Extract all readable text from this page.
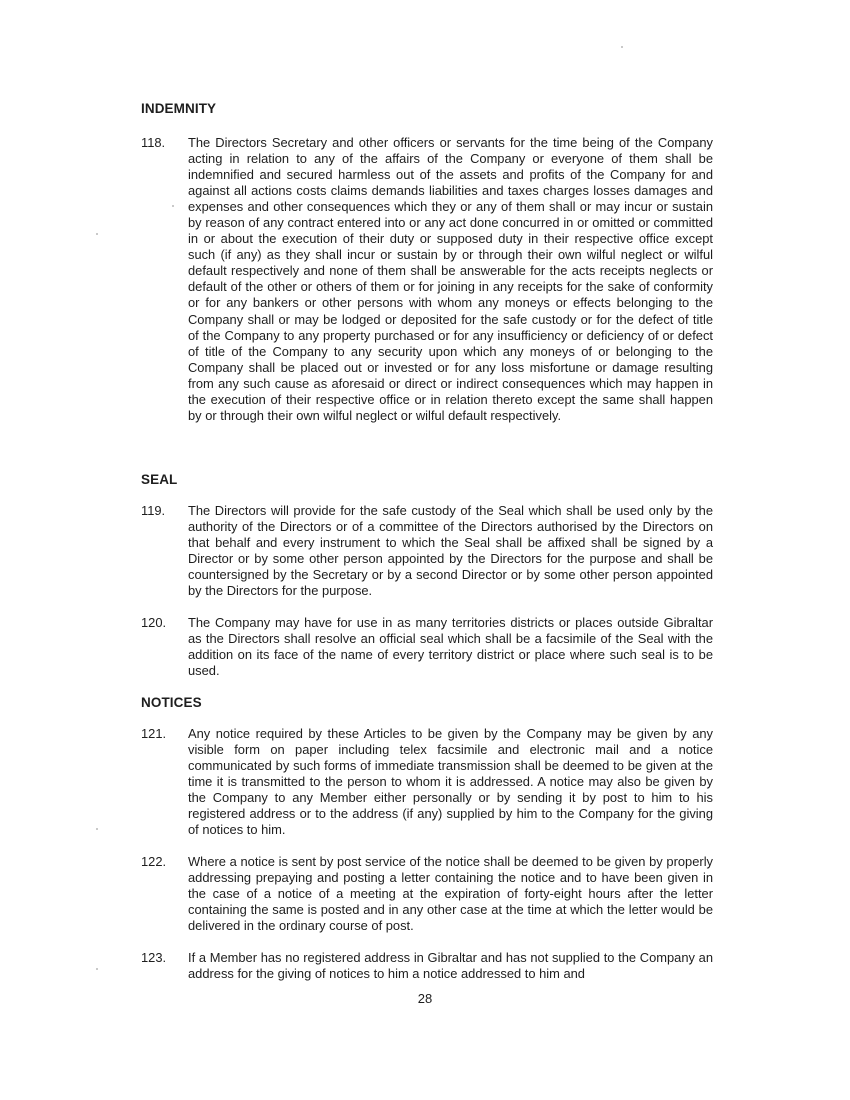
INDEMNITY
118.	The Directors Secretary and other officers or servants for the time being of the Company acting in relation to any of the affairs of the Company or everyone of them shall be indemnified and secured harmless out of the assets and profits of the Company for and against all actions costs claims demands liabilities and taxes charges losses damages and expenses and other consequences which they or any of them shall or may incur or sustain by reason of any contract entered into or any act done concurred in or omitted or committed in or about the execution of their duty or supposed duty in their respective office except such (if any) as they shall incur or sustain by or through their own wilful neglect or wilful default respectively and none of them shall be answerable for the acts receipts neglects or default of the other or others of them or for joining in any receipts for the sake of conformity or for any bankers or other persons with whom any moneys or effects belonging to the Company shall or may be lodged or deposited for the safe custody or for the defect of title of the Company to any property purchased or for any insufficiency or deficiency of or defect of title of the Company to any security upon which any moneys of or belonging to the Company shall be placed out or invested or for any loss misfortune or damage resulting from any such cause as aforesaid or direct or indirect consequences which may happen in the execution of their respective office or in relation thereto except the same shall happen by or through their own wilful neglect or wilful default respectively.

SEAL
119.	The Directors will provide for the safe custody of the Seal which shall be used only by the authority of the Directors or of a committee of the Directors authorised by the Directors on that behalf and every instrument to which the Seal shall be affixed shall be signed by a Director or by some other person appointed by the Directors for the purpose and shall be countersigned by the Secretary or by a second Director or by some other person appointed by the Directors for the purpose.

120.	The Company may have for use in as many territories districts or places outside Gibraltar as the Directors shall resolve an official seal which shall be a facsimile of the Seal with the addition on its face of the name of every territory district or place where such seal is to be used.

NOTICES
121.	Any notice required by these Articles to be given by the Company may be given by any visible form on paper including telex facsimile and electronic mail and a notice communicated by such forms of immediate transmission shall be deemed to be given at the time it is transmitted to the person to whom it is addressed. A notice may also be given by the Company to any Member either personally or by sending it by post to him to his registered address or to the address (if any) supplied by him to the Company for the giving of notices to him.

122.	Where a notice is sent by post service of the notice shall be deemed to be given by properly addressing prepaying and posting a letter containing the notice and to have been given in the case of a notice of a meeting at the expiration of forty-eight hours after the letter containing the same is posted and in any other case at the time at which the letter would be delivered in the ordinary course of post.

123.	If a Member has no registered address in Gibraltar and has not supplied to the Company an address for the giving of notices to him a notice addressed to him and

28
